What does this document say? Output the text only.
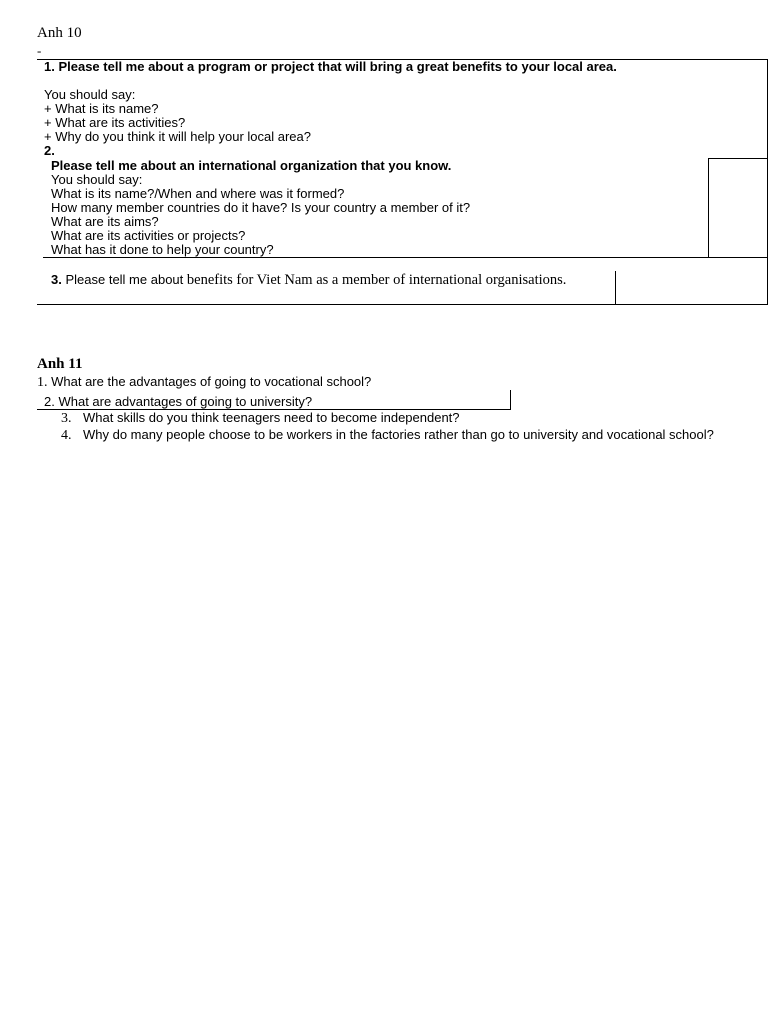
Anh 10
-
1. Please tell me about a program or project that will bring a great benefits to your local area.
You should say:
+ What is its name?
+ What are its activities?
+ Why do you think it will help your local area?
2.
Please tell me about an international organization that you know.
You should say:
What is its name?/When and where was it formed?
How many member countries do it have? Is your country a member of it?
What are its aims?
What are its activities or projects?
What has it done to help your country?
3. Please tell me about benefits for Viet Nam as a member of international organisations.
Anh 11
1. What are the advantages of going to vocational school?
2. What are advantages of going to university?
3. What skills do you think teenagers need to become independent?
4. Why do many people choose to be workers in the factories rather than go to university and vocational school?
